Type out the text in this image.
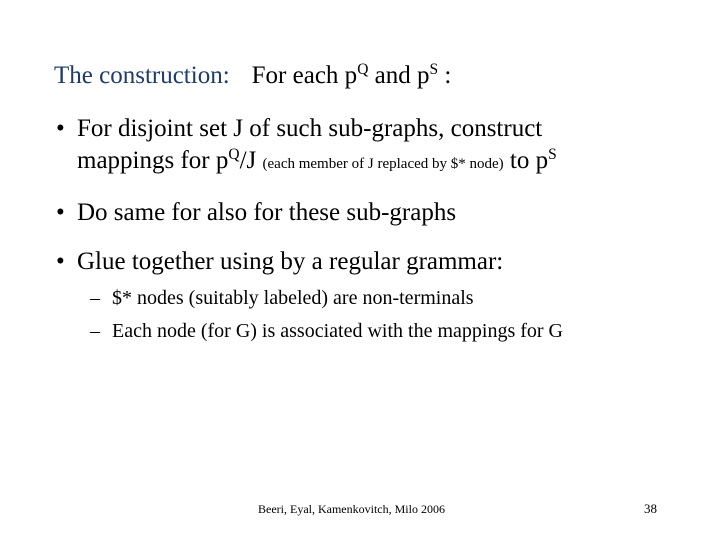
The construction: For each $p^Q$ and $p^S$ :
• For disjoint set J of such sub-graphs, construct
mappings for $p^Q/J$ (each member of J replaced by $* node) to $p^S$
• Do same for also for these sub-graphs
• Glue together using by a regular grammar:
– $* nodes (suitably labeled) are non-terminals
– Each node (for G) is associated with the mappings for G
Beeri, Eyal, Kamenkovitch, Milo 2006	38
